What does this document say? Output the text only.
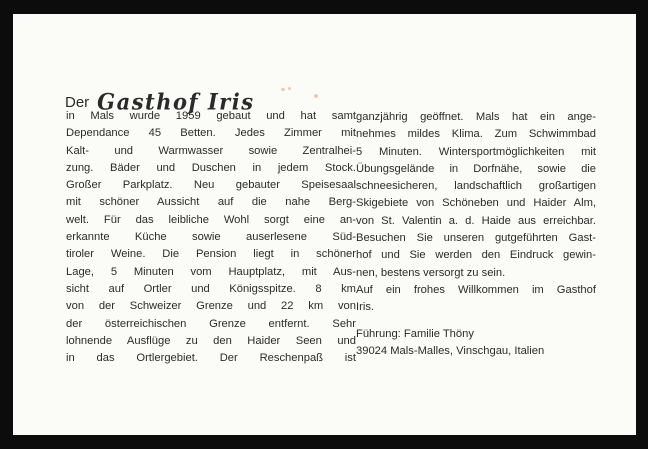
Der Gasthof Iris
in Mals wurde 1959 gebaut und hat samt
Dependance 45 Betten. Jedes Zimmer mit
Kalt- und Warmwasser sowie Zentralhei-
zung. Bäder und Duschen in jedem Stock.
Großer Parkplatz. Neu gebauter Speisesaal
mit schöner Aussicht auf die nahe Berg-
welt. Für das leibliche Wohl sorgt eine an-
erkannte Küche sowie auserlesene Süd-
tiroler Weine. Die Pension liegt in schöner
Lage, 5 Minuten vom Hauptplatz, mit Aus-
sicht auf Ortler und Königsspitze. 8 km
von der Schweizer Grenze und 22 km von
der österreichischen Grenze entfernt. Sehr
lohnende Ausflüge zu den Haider Seen und
in das Ortlergebiet. Der Reschenpaß ist
ganzjährig geöffnet. Mals hat ein ange-
nehmes mildes Klima. Zum Schwimmbad
5 Minuten. Wintersportmöglichkeiten mit
Übungsgelände in Dorfnähe, sowie die
schneesicheren, landschaftlich großartigen
Skigebiete von Schöneben und Haider Alm,
von St. Valentin a. d. Haide aus erreichbar.
Besuchen Sie unseren gutgeführten Gast-
hof und Sie werden den Eindruck gewin-
nen, bestens versorgt zu sein.
Auf ein frohes Willkommen im Gasthof
Iris.
Führung: Familie Thöny
39024 Mals-Malles, Vinschgau, Italien
